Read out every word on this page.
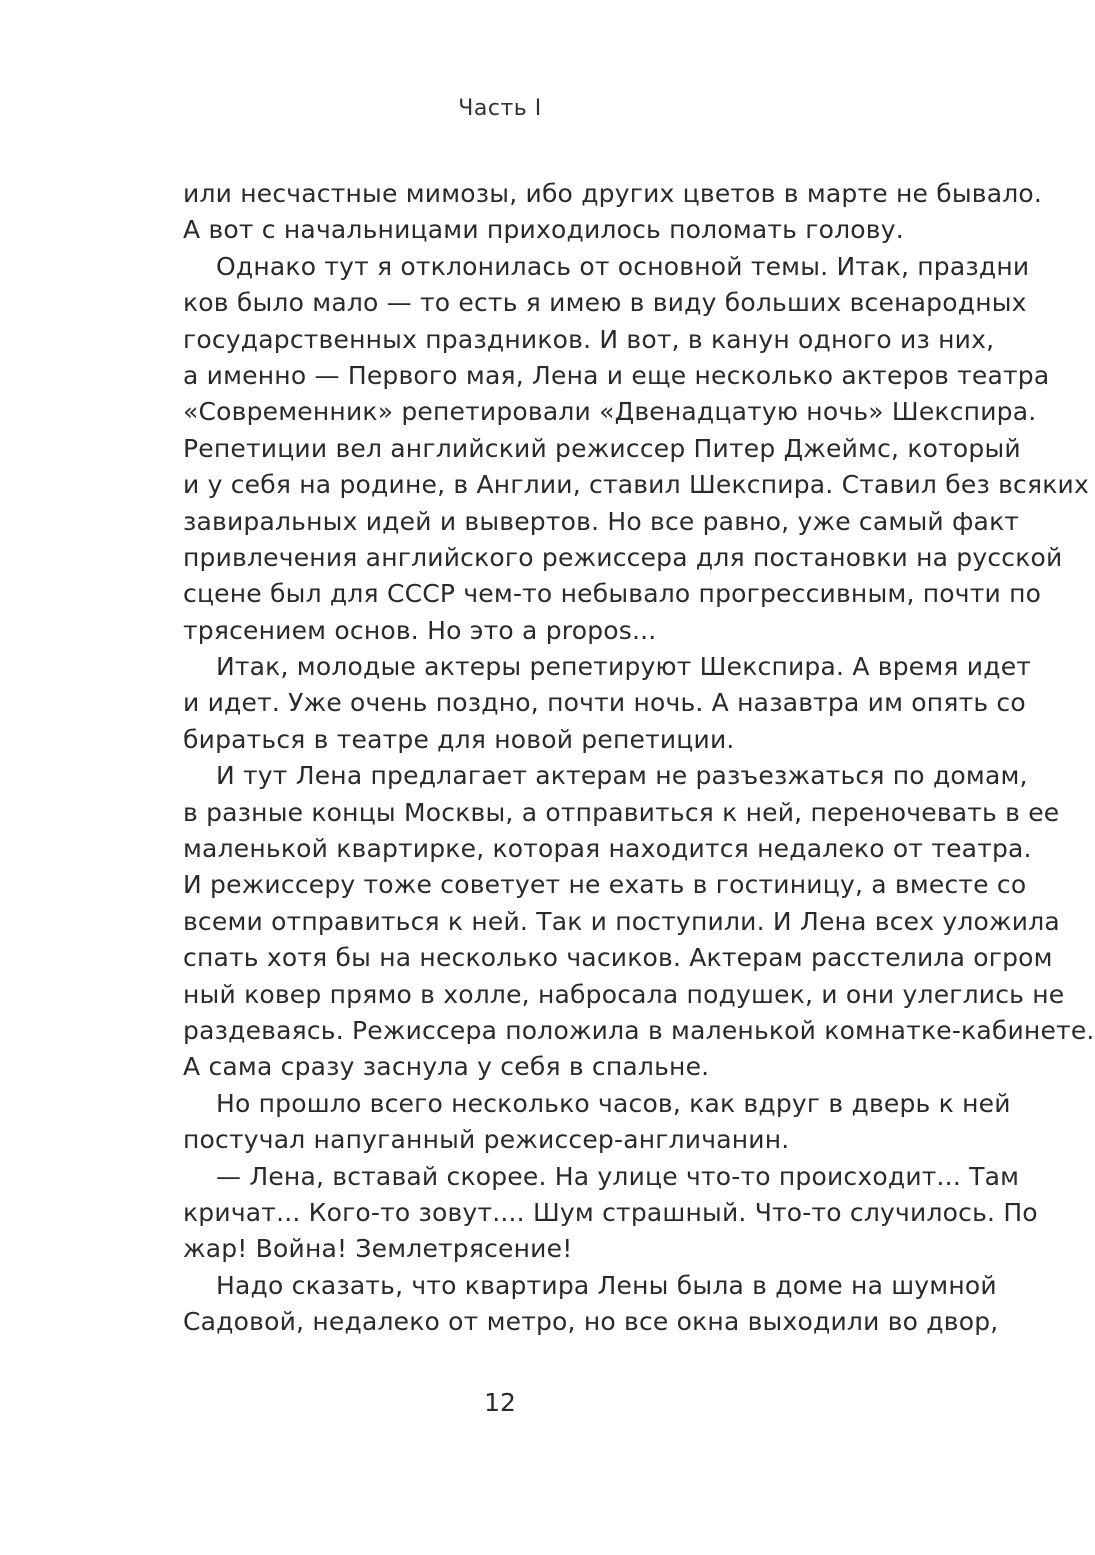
Часть I
или несчастные мимозы, ибо других цветов в марте не бывало.
А вот с начальницами приходилось поломать голову.
Однако тут я отклонилась от основной темы. Итак, праздни
ков было мало — то есть я имею в виду больших всенародных
государственных праздников. И вот, в канун одного из них,
а именно — Первого мая, Лена и еще несколько актеров театра
«Современник» репетировали «Двенадцатую ночь» Шекспира.
Репетиции вел английский режиссер Питер Джеймс, который
и у себя на родине, в Англии, ставил Шекспира. Ставил без всяких
завиральных идей и вывертов. Но все равно, уже самый факт
привлечения английского режиссера для постановки на русской
сцене был для СССР чем-то небывало прогрессивным, почти по
трясением основ. Но это a propos...
Итак, молодые актеры репетируют Шекспира. А время идет
и идет. Уже очень поздно, почти ночь. А назавтра им опять со
бираться в театре для новой репетиции.
И тут Лена предлагает актерам не разъезжаться по домам,
в разные концы Москвы, а отправиться к ней, переночевать в ее
маленькой квартирке, которая находится недалеко от театра.
И режиссеру тоже советует не ехать в гостиницу, а вместе со
всеми отправиться к ней. Так и поступили. И Лена всех уложила
спать хотя бы на несколько часиков. Актерам расстелила огром
ный ковер прямо в холле, набросала подушек, и они улеглись не
раздеваясь. Режиссера положила в маленькой комнатке-кабинете.
А сама сразу заснула у себя в спальне.
Но прошло всего несколько часов, как вдруг в дверь к ней
постучал напуганный режиссер-англичанин.
— Лена, вставай скорее. На улице что-то происходит... Там
кричат... Кого-то зовут.... Шум страшный. Что-то случилось. По
жар! Война! Землетрясение!
Надо сказать, что квартира Лены была в доме на шумной
Садовой, недалеко от метро, но все окна выходили во двор,
12
